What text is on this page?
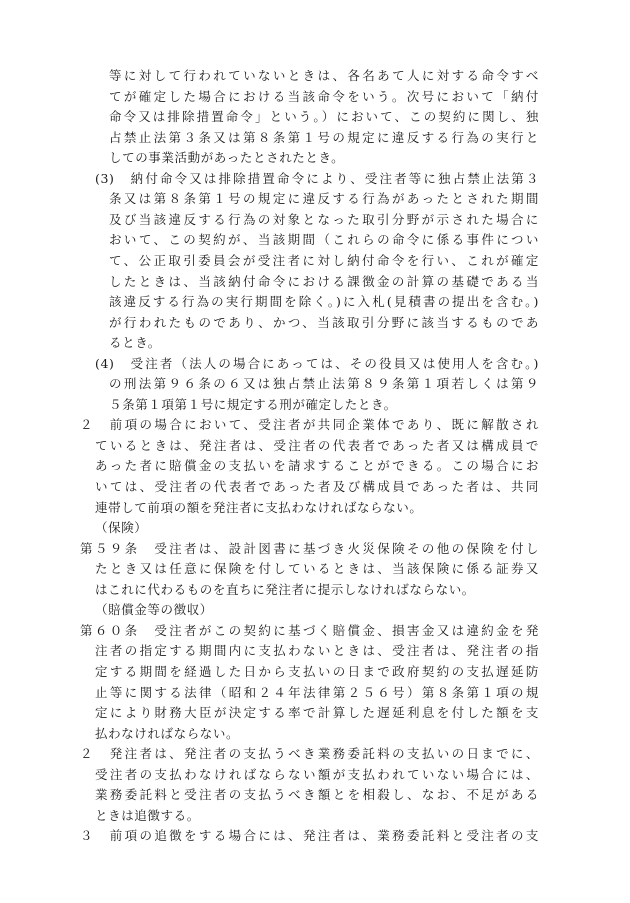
等に対して行われていないときは、各名あて人に対する命令すべ

てが確定した場合における当該命令をいう。次号において「納付

命令又は排除措置命令」という。）において、この契約に関し、独

占禁止法第３条又は第８条第１号の規定に違反する行為の実行と

しての事業活動があったとされたとき。

(3)　納付命令又は排除措置命令により、受注者等に独占禁止法第３

条又は第８条第１号の規定に違反する行為があったとされた期間

及び当該違反する行為の対象となった取引分野が示された場合に

おいて、この契約が、当該期間（これらの命令に係る事件につい

て、公正取引委員会が受注者に対し納付命令を行い、これが確定

したときは、当該納付命令における課徴金の計算の基礎である当

該違反する行為の実行期間を除く。)に入札(見積書の提出を含む。)

が行われたものであり、かつ、当該取引分野に該当するものであ

るとき。

(4)　受注者（法人の場合にあっては、その役員又は使用人を含む。)

の刑法第９６条の６又は独占禁止法第８９条第１項若しくは第９

５条第１項第１号に規定する刑が確定したとき。

２　前項の場合において、受注者が共同企業体であり、既に解散され

ているときは、発注者は、受注者の代表者であった者又は構成員で

あった者に賠償金の支払いを請求することができる。この場合にお

いては、受注者の代表者であった者及び構成員であった者は、共同

連帯して前項の額を発注者に支払わなければならない。

（保険）

第５９条　受注者は、設計図書に基づき火災保険その他の保険を付し

たとき又は任意に保険を付しているときは、当該保険に係る証券又

はこれに代わるものを直ちに発注者に提示しなければならない。

（賠償金等の徴収）

第６０条　受注者がこの契約に基づく賠償金、損害金又は違約金を発

注者の指定する期間内に支払わないときは、受注者は、発注者の指

定する期間を経過した日から支払いの日まで政府契約の支払遅延防

止等に関する法律（昭和２４年法律第２５６号）第８条第１項の規

定により財務大臣が決定する率で計算した遅延利息を付した額を支

払わなければならない。

２　発注者は、発注者の支払うべき業務委託料の支払いの日までに、

受注者の支払わなければならない額が支払われていない場合には、

業務委託料と受注者の支払うべき額とを相殺し、なお、不足がある

ときは追徴する。

３　前項の追徴をする場合には、発注者は、業務委託料と受注者の支
